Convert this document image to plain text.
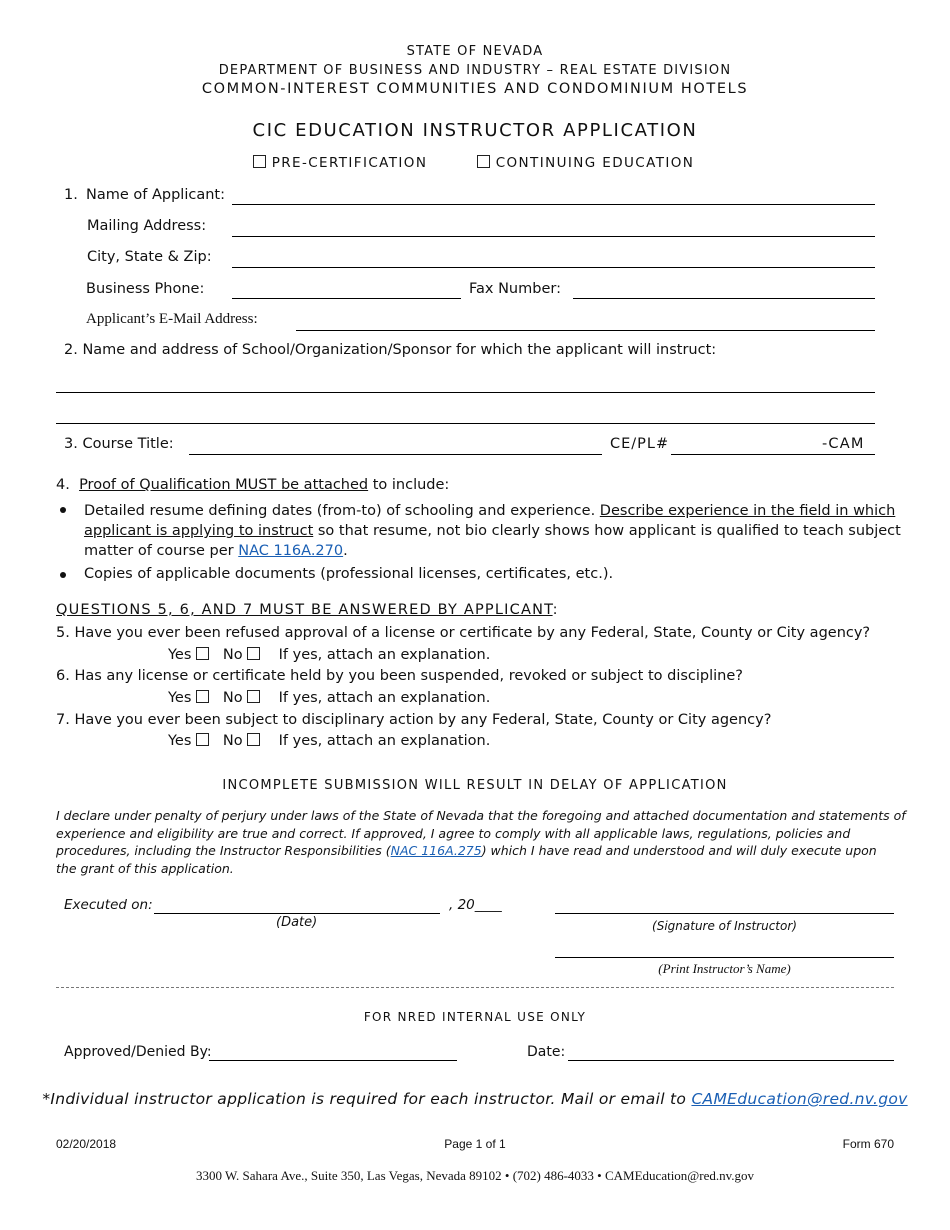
STATE OF NEVADA
DEPARTMENT OF BUSINESS AND INDUSTRY – REAL ESTATE DIVISION
COMMON-INTEREST COMMUNITIES AND CONDOMINIUM HOTELS
CIC EDUCATION INSTRUCTOR APPLICATION
PRE-CERTIFICATION	CONTINUING EDUCATION
1. Name of Applicant:
Mailing Address:
City, State & Zip:
Business Phone:	Fax Number:
Applicant’s E-Mail Address:
2. Name and address of School/Organization/Sponsor for which the applicant will instruct:
3. Course Title:	CE/PL#	-CAM
4. Proof of Qualification MUST be attached to include:
Detailed resume defining dates (from-to) of schooling and experience. Describe experience in the field in which
applicant is applying to instruct so that resume, not bio clearly shows how applicant is qualified to teach subject
matter of course per NAC 116A.270.
Copies of applicable documents (professional licenses, certificates, etc.).
QUESTIONS 5, 6, AND 7 MUST BE ANSWERED BY APPLICANT:
5. Have you ever been refused approval of a license or certificate by any Federal, State, County or City agency?
Yes No If yes, attach an explanation.
6. Has any license or certificate held by you been suspended, revoked or subject to discipline?
Yes No If yes, attach an explanation.
7. Have you ever been subject to disciplinary action by any Federal, State, County or City agency?
Yes No If yes, attach an explanation.
INCOMPLETE SUBMISSION WILL RESULT IN DELAY OF APPLICATION
I declare under penalty of perjury under laws of the State of Nevada that the foregoing and attached documentation and statements of
experience and eligibility are true and correct. If approved, I agree to comply with all applicable laws, regulations, policies and
procedures, including the Instructor Responsibilities (NAC 116A.275) which I have read and understood and will duly execute upon
the grant of this application.
Executed on:	, 20____
(Date)	(Signature of Instructor)
(Print Instructor’s Name)
FOR NRED INTERNAL USE ONLY
Approved/Denied By:	Date:
*Individual instructor application is required for each instructor. Mail or email to CAMEducation@red.nv.gov
02/20/2018	Page 1 of 1	Form 670
3300 W. Sahara Ave., Suite 350, Las Vegas, Nevada 89102 • (702) 486-4033 • CAMEducation@red.nv.gov
